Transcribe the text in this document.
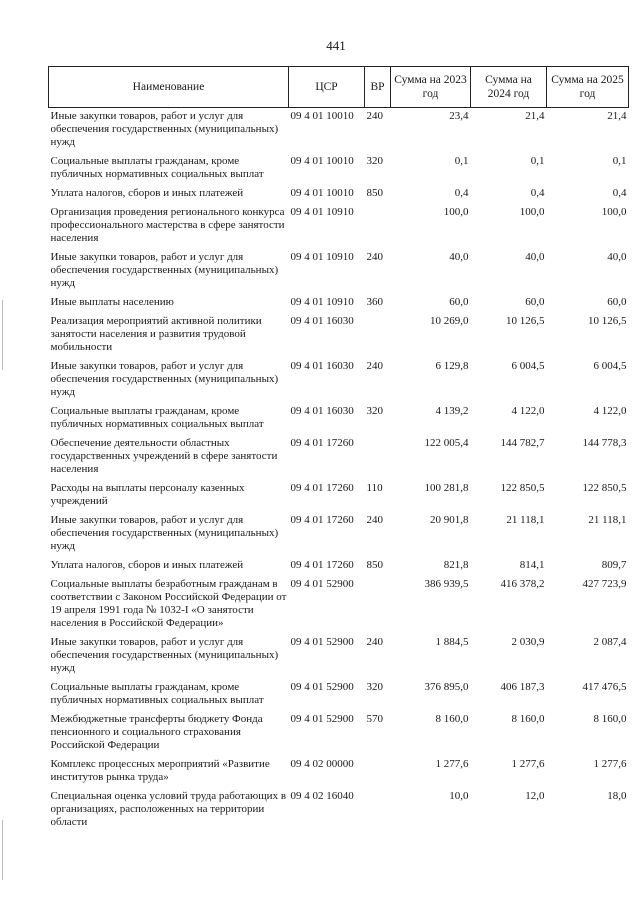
441
Наименование	ЦСР	ВР	Сумма на 2023 год	Сумма на 2024 год	Сумма на 2025 год
Иные закупки товаров, работ и услуг для обеспечения государственных (муниципальных) нужд	09 4 01 10010	240	23,4	21,4	21,4
Социальные выплаты гражданам, кроме публичных нормативных социальных выплат	09 4 01 10010	320	0,1	0,1	0,1
Уплата налогов, сборов и иных платежей	09 4 01 10010	850	0,4	0,4	0,4
Организация проведения регионального конкурса профессионального мастерства в сфере занятости населения	09 4 01 10910		100,0	100,0	100,0
Иные закупки товаров, работ и услуг для обеспечения государственных (муниципальных) нужд	09 4 01 10910	240	40,0	40,0	40,0
Иные выплаты населению	09 4 01 10910	360	60,0	60,0	60,0
Реализация мероприятий активной политики занятости населения и развития трудовой мобильности	09 4 01 16030		10 269,0	10 126,5	10 126,5
Иные закупки товаров, работ и услуг для обеспечения государственных (муниципальных) нужд	09 4 01 16030	240	6 129,8	6 004,5	6 004,5
Социальные выплаты гражданам, кроме публичных нормативных социальных выплат	09 4 01 16030	320	4 139,2	4 122,0	4 122,0
Обеспечение деятельности областных государственных учреждений в сфере занятости населения	09 4 01 17260		122 005,4	144 782,7	144 778,3
Расходы на выплаты персоналу казенных учреждений	09 4 01 17260	110	100 281,8	122 850,5	122 850,5
Иные закупки товаров, работ и услуг для обеспечения государственных (муниципальных) нужд	09 4 01 17260	240	20 901,8	21 118,1	21 118,1
Уплата налогов, сборов и иных платежей	09 4 01 17260	850	821,8	814,1	809,7
Социальные выплаты безработным гражданам в соответствии с Законом Российской Федерации от 19 апреля 1991 года № 1032-I «О занятости населения в Российской Федерации»	09 4 01 52900		386 939,5	416 378,2	427 723,9
Иные закупки товаров, работ и услуг для обеспечения государственных (муниципальных) нужд	09 4 01 52900	240	1 884,5	2 030,9	2 087,4
Социальные выплаты гражданам, кроме публичных нормативных социальных выплат	09 4 01 52900	320	376 895,0	406 187,3	417 476,5
Межбюджетные трансферты бюджету Фонда пенсионного и социального страхования Российской Федерации	09 4 01 52900	570	8 160,0	8 160,0	8 160,0
Комплекс процессных мероприятий «Развитие институтов рынка труда»	09 4 02 00000		1 277,6	1 277,6	1 277,6
Специальная оценка условий труда работающих в организациях, расположенных на территории области	09 4 02 16040		10,0	12,0	18,0
